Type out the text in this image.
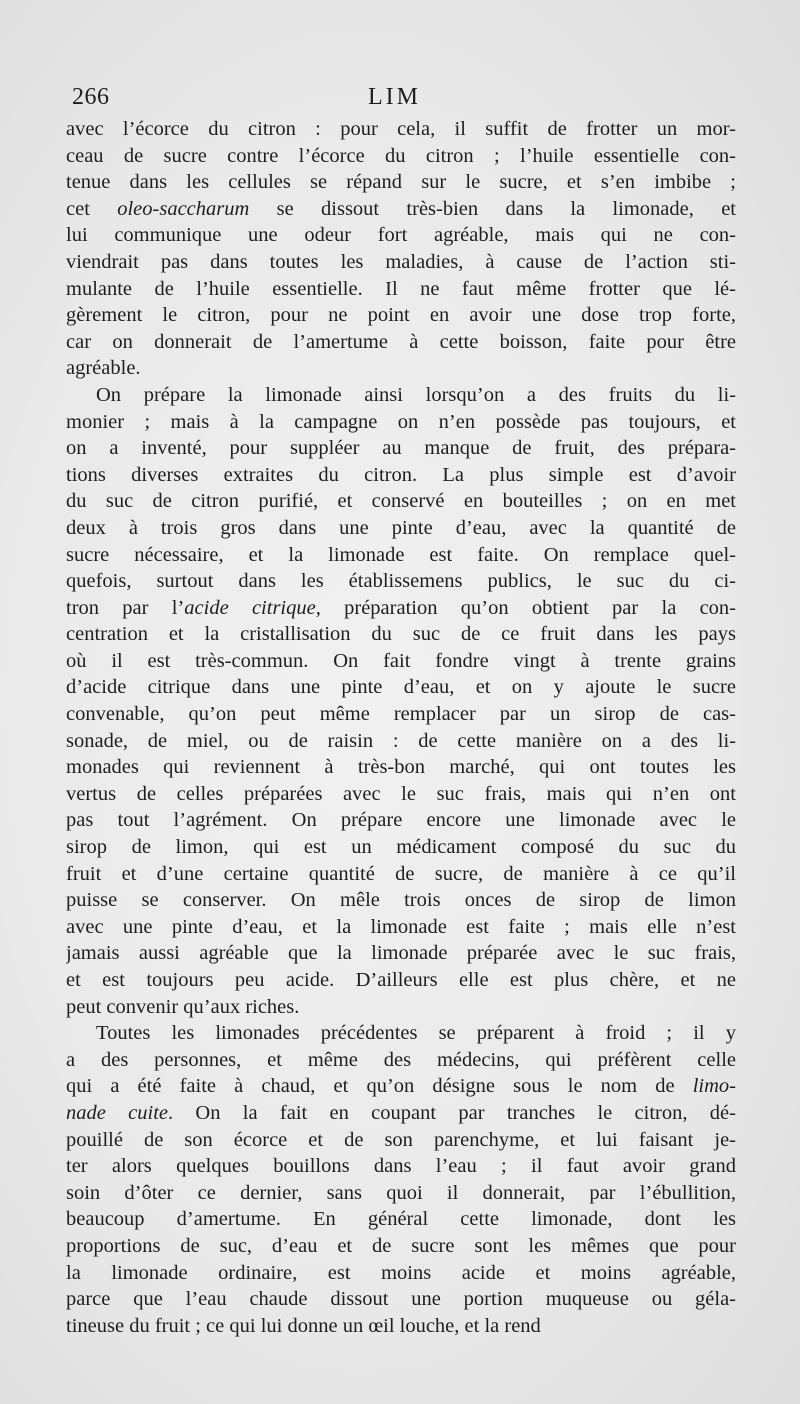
266	LIM
avec l’écorce du citron : pour cela, il suffit de frotter un mor-
ceau de sucre contre l’écorce du citron ; l’huile essentielle con-
tenue dans les cellules se répand sur le sucre, et s’en imbibe ;
cet oleo-saccharum se dissout très-bien dans la limonade, et
lui communique une odeur fort agréable, mais qui ne con-
viendrait pas dans toutes les maladies, à cause de l’action sti-
mulante de l’huile essentielle. Il ne faut même frotter que lé-
gèrement le citron, pour ne point en avoir une dose trop forte,
car on donnerait de l’amertume à cette boisson, faite pour être
agréable.
On prépare la limonade ainsi lorsqu’on a des fruits du li-
monier ; mais à la campagne on n’en possède pas toujours, et
on a inventé, pour suppléer au manque de fruit, des prépara-
tions diverses extraites du citron. La plus simple est d’avoir
du suc de citron purifié, et conservé en bouteilles ; on en met
deux à trois gros dans une pinte d’eau, avec la quantité de
sucre nécessaire, et la limonade est faite. On remplace quel-
quefois, surtout dans les établissemens publics, le suc du ci-
tron par l’acide citrique, préparation qu’on obtient par la con-
centration et la cristallisation du suc de ce fruit dans les pays
où il est très-commun. On fait fondre vingt à trente grains
d’acide citrique dans une pinte d’eau, et on y ajoute le sucre
convenable, qu’on peut même remplacer par un sirop de cas-
sonade, de miel, ou de raisin : de cette manière on a des li-
monades qui reviennent à très-bon marché, qui ont toutes les
vertus de celles préparées avec le suc frais, mais qui n’en ont
pas tout l’agrément. On prépare encore une limonade avec le
sirop de limon, qui est un médicament composé du suc du
fruit et d’une certaine quantité de sucre, de manière à ce qu’il
puisse se conserver. On mêle trois onces de sirop de limon
avec une pinte d’eau, et la limonade est faite ; mais elle n’est
jamais aussi agréable que la limonade préparée avec le suc frais,
et est toujours peu acide. D’ailleurs elle est plus chère, et ne
peut convenir qu’aux riches.
Toutes les limonades précédentes se préparent à froid ; il y
a des personnes, et même des médecins, qui préfèrent celle
qui a été faite à chaud, et qu’on désigne sous le nom de limo-
nade cuite. On la fait en coupant par tranches le citron, dé-
pouillé de son écorce et de son parenchyme, et lui faisant je-
ter alors quelques bouillons dans l’eau ; il faut avoir grand
soin d’ôter ce dernier, sans quoi il donnerait, par l’ébullition,
beaucoup d’amertume. En général cette limonade, dont les
proportions de suc, d’eau et de sucre sont les mêmes que pour
la limonade ordinaire, est moins acide et moins agréable,
parce que l’eau chaude dissout une portion muqueuse ou géla-
tineuse du fruit ; ce qui lui donne un œil louche, et la rend
